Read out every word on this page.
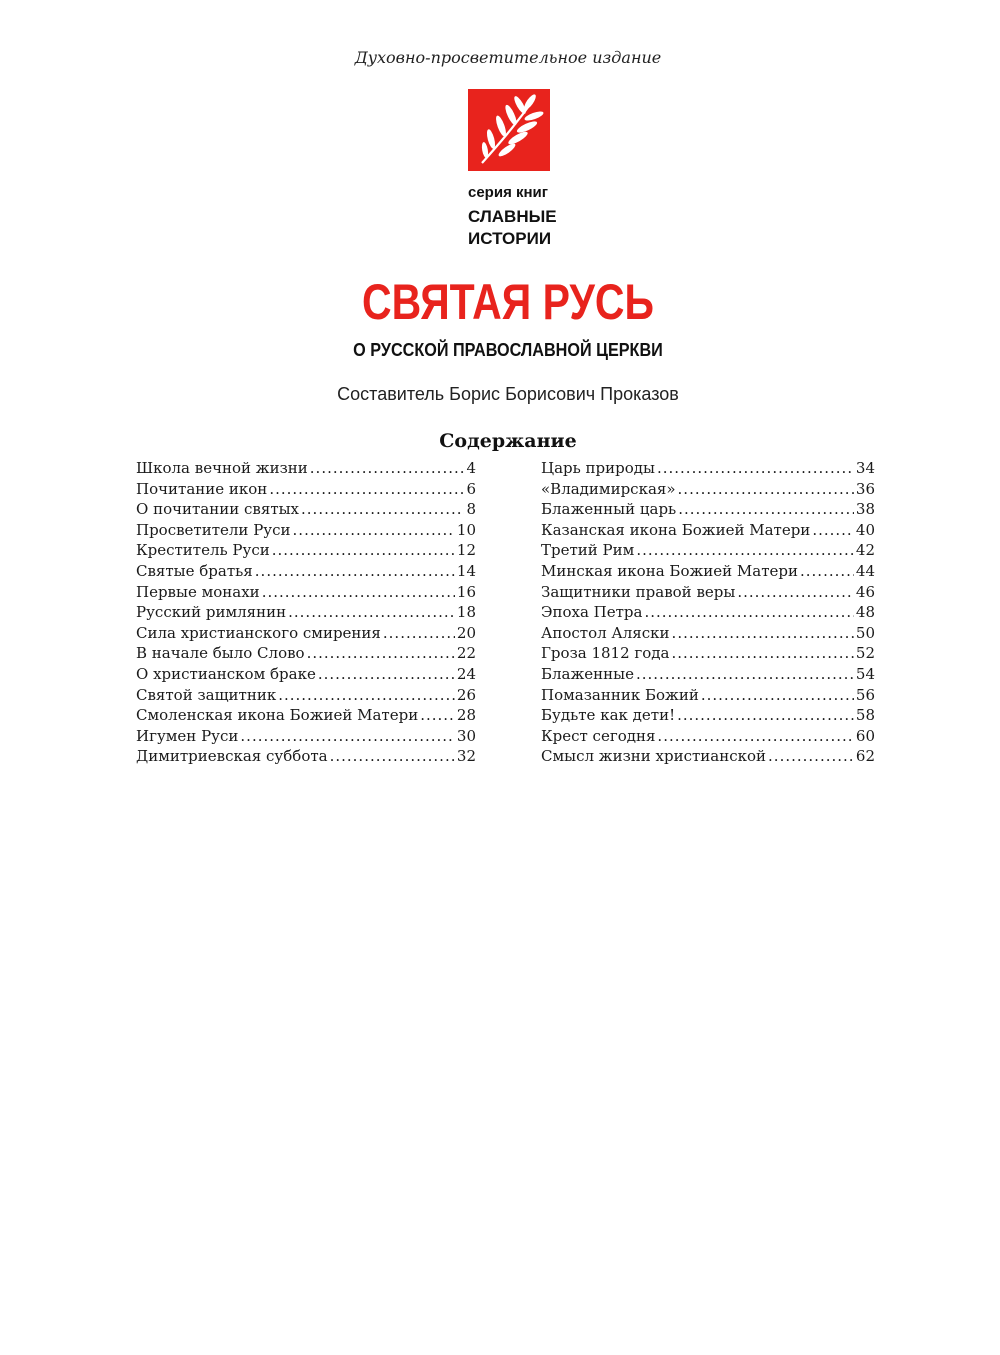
Духовно-просветительное издание
серия книг
СЛАВНЫЕ
ИСТОРИИ
СВЯТАЯ РУСЬ
О РУССКОЙ ПРАВОСЛАВНОЙ ЦЕРКВИ
Составитель Борис Борисович Проказов
Содержание
Школа вечной жизни .....	4
Почитание икон .....	6
О почитании святых .....	8
Просветители Руси .....	10
Креститель Руси .....	12
Святые братья .....	14
Первые монахи .....	16
Русский римлянин .....	18
Сила христианского смирения .....	20
В начале было Слово .....	22
О христианском браке .....	24
Святой защитник .....	26
Смоленская икона Божией Матери .....	28
Игумен Руси .....	30
Димитриевская суббота .....	32
Царь природы .....	34
«Владимирская» .....	36
Блаженный царь .....	38
Казанская икона Божией Матери .....	40
Третий Рим .....	42
Минская икона Божией Матери .....	44
Защитники правой веры .....	46
Эпоха Петра .....	48
Апостол Аляски .....	50
Гроза 1812 года .....	52
Блаженные .....	54
Помазанник Божий .....	56
Будьте как дети! .....	58
Крест сегодня .....	60
Смысл жизни христианской .....	62
